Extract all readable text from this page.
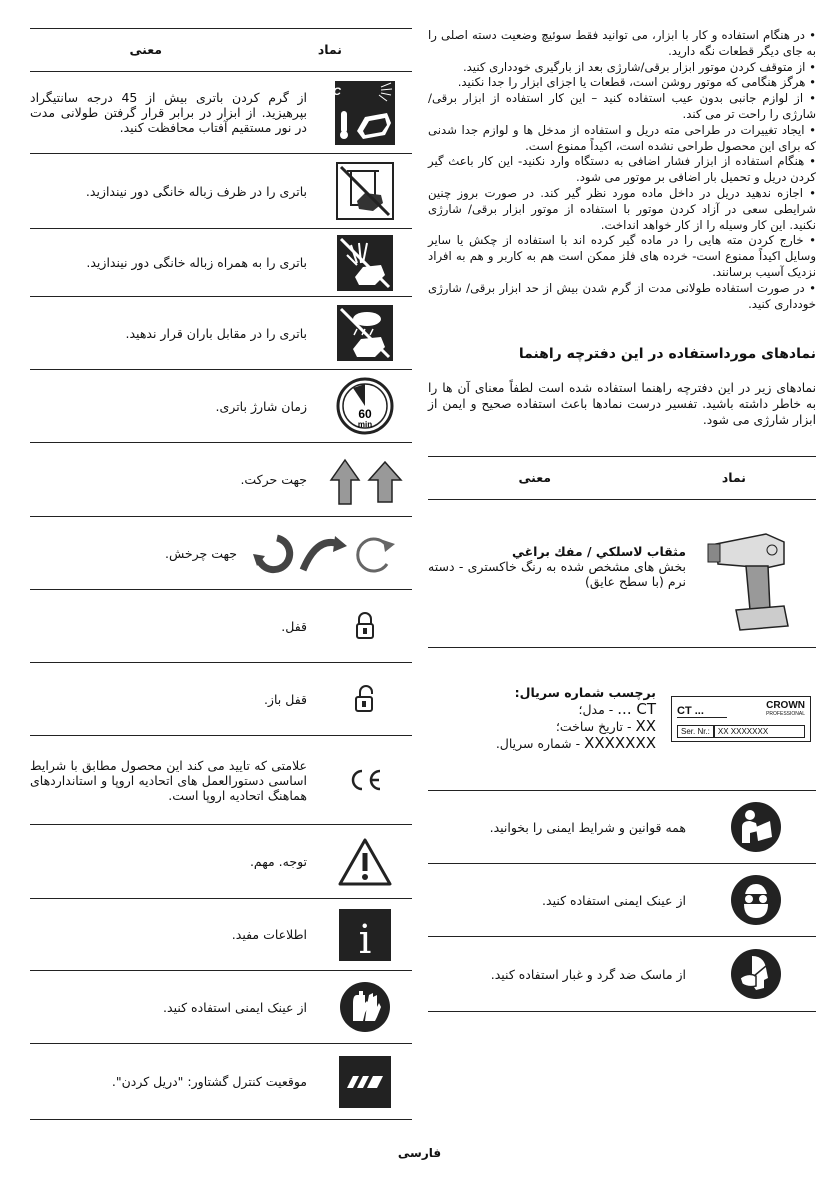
نماد
معنی
max. 45°C
از گرم کردن باتری بیش از 45 درجه سانتیگراد بپرهیزید. از ابزار در برابر قرار گرفتن طولانی مدت در نور مستقیم آفتاب محافظت کنید.
باتری را در ظرف زباله خانگی دور نیندازید.
باتری را به همراه زباله خانگی دور نیندازید.
باتری را در مقابل باران قرار ندهید.
60
min
زمان شارژ باتری.
جهت حرکت.
جهت چرخش.
قفل.
قفل باز.
علامتی که تایید می کند این محصول مطابق با شرایط اساسی دستورالعمل های اتحادیه اروپا و استانداردهای هماهنگ اتحادیه اروپا است.
توجه. مهم.
i
اطلاعات مفید.
از عینک ایمنی استفاده کنید.
موقعیت کنترل گشتاور: "دریل کردن".

• در هنگام استفاده و کار با ابزار، می توانید فقط سوئیچ وضعیت دسته اصلی را به جای دیگر قطعات نگه دارید.

• از متوقف کردن موتور ابزار برقی/شارژی بعد از بارگیری خودداری کنید.

• هرگز هنگامی که موتور روشن است، قطعات یا اجزای ابزار را جدا نکنید.

• از لوازم جانبی بدون عیب استفاده کنید – این کار استفاده از ابزار برقی/شارژی را راحت تر می کند.

• ایجاد تغییرات در طراحی مته دریل و استفاده از مدخل ها و لوازم جدا شدنی که برای این محصول طراحی نشده است، اکیداً ممنوع است.

• هنگام استفاده از ابزار فشار اضافی به دستگاه وارد نکنید- این کار باعث گیر کردن دریل و تحمیل بار اضافی بر موتور می شود.

• اجازه ندهید دریل در داخل ماده مورد نظر گیر کند. در صورت بروز چنین شرایطی سعی در آزاد کردن موتور با استفاده از موتور ابزار برقی/ شارژی نکنید. این کار وسیله را از کار خواهد انداخت.

• خارج کردن مته هایی را در ماده گیر کرده اند با استفاده از چکش یا سایر وسایل اکیداً ممنوع است- خرده های فلز ممکن است هم به کاربر و هم به افراد نزدیک آسیب برسانند.

• در صورت استفاده طولانی مدت از گرم شدن بیش از حد ابزار برقی/ شارژی خودداری کنید.

نمادهای مورداستفاده در این دفترچه راهنما
نمادهای زیر در این دفترچه راهنما استفاده شده است لطفاً معنای آن ها را به خاطر داشته باشید. تفسیر درست نمادها باعث استفاده صحیح و ایمن از ابزار شارژی می شود.
نماد
معنی
مثقاب لاسلكي / مفك براغي
بخش های مشخص شده به رنگ خاکستری - دسته نرم (با سطح عایق)
CT ...	CROWN
PROFESSIONAL
Ser. Nr.:	XX XXXXXXX
برچسب شماره سریال:
CT ... - مدل؛
XX - تاریخ ساخت؛
XXXXXXX - شماره سریال.
همه قوانین و شرایط ایمنی را بخوانید.
از عینک ایمنی استفاده کنید.
از ماسک ضد گرد و غبار استفاده کنید.
فارسی
